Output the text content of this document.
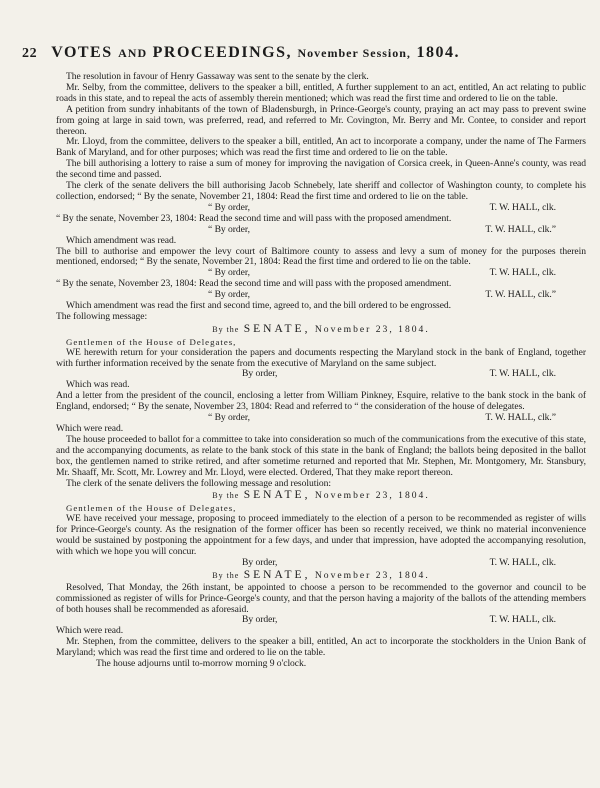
22 VOTES AND PROCEEDINGS, November Session, 1804.

The resolution in favour of Henry Gassaway was sent to the senate by the clerk.

Mr. Selby, from the committee, delivers to the speaker a bill, entitled, A further supplement to an act, entitled, An act relating to public roads in this state, and to repeal the acts of assembly therein mentioned; which was read the first time and ordered to lie on the table.

A petition from sundry inhabitants of the town of Bladensburgh, in Prince-George's county, praying an act may pass to prevent swine from going at large in said town, was preferred, read, and referred to Mr. Covington, Mr. Berry and Mr. Contee, to consider and report thereon.

Mr. Lloyd, from the committee, delivers to the speaker a bill, entitled, An act to incorporate a company, under the name of The Farmers Bank of Maryland, and for other purposes; which was read the first time and ordered to lie on the table.

The bill authorising a lottery to raise a sum of money for improving the navigation of Corsica creek, in Queen-Anne's county, was read the second time and passed.

The clerk of the senate delivers the bill authorising Jacob Schnebely, late sheriff and collector of Washington county, to complete his collection, endorsed; “ By the senate, November 21, 1804: Read the first time and ordered to lie on the table.

“ By order,	T. W. HALL, clk.

“ By the senate, November 23, 1804: Read the second time and will pass with the proposed amendment.

“ By order,	T. W. HALL, clk.”

Which amendment was read.

The bill to authorise and empower the levy court of Baltimore county to assess and levy a sum of money for the purposes therein mentioned, endorsed; “ By the senate, November 21, 1804: Read the first time and ordered to lie on the table.

“ By order,	T. W. HALL, clk.

“ By the senate, November 23, 1804: Read the second time and will pass with the proposed amendment.

“ By order,	T. W. HALL, clk.”

Which amendment was read the first and second time, agreed to, and the bill ordered to be engrossed.

The following message:

By the SENATE, November 23, 1804.

Gentlemen of the House of Delegates,

WE herewith return for your consideration the papers and documents respecting the Maryland stock in the bank of England, together with further information received by the senate from the executive of Maryland on the same subject.

By order,	T. W. HALL, clk.

Which was read.

And a letter from the president of the council, enclosing a letter from William Pinkney, Esquire, relative to the bank stock in the bank of England, endorsed; “ By the senate, November 23, 1804: Read and referred to “ the consideration of the house of delegates.

“ By order,	T. W. HALL, clk.”

Which were read.

The house proceeded to ballot for a committee to take into consideration so much of the communications from the executive of this state, and the accompanying documents, as relate to the bank stock of this state in the bank of England; the ballots being deposited in the ballot box, the gentlemen named to strike retired, and after sometime returned and reported that Mr. Stephen, Mr. Montgomery, Mr. Stansbury, Mr. Shaaff, Mr. Scott, Mr. Lowrey and Mr. Lloyd, were elected. Ordered, That they make report thereon.

The clerk of the senate delivers the following message and resolution:

By the SENATE, November 23, 1804.

Gentlemen of the House of Delegates,

WE have received your message, proposing to proceed immediately to the election of a person to be recommended as register of wills for Prince-George's county. As the resignation of the former officer has been so recently received, we think no material inconvenience would be sustained by postponing the appointment for a few days, and under that impression, have adopted the accompanying resolution, with which we hope you will concur.

By order,	T. W. HALL, clk.
By the SENATE, November 23, 1804.

Resolved, That Monday, the 26th instant, be appointed to choose a person to be recommended to the governor and council to be commissioned as register of wills for Prince-George's county, and that the person having a majority of the ballots of the attending members of both houses shall be recommended as aforesaid.

By order,	T. W. HALL, clk.

Which were read.

Mr. Stephen, from the committee, delivers to the speaker a bill, entitled, An act to incorporate the stockholders in the Union Bank of Maryland; which was read the first time and ordered to lie on the table.

The house adjourns until to-morrow morning 9 o'clock.
